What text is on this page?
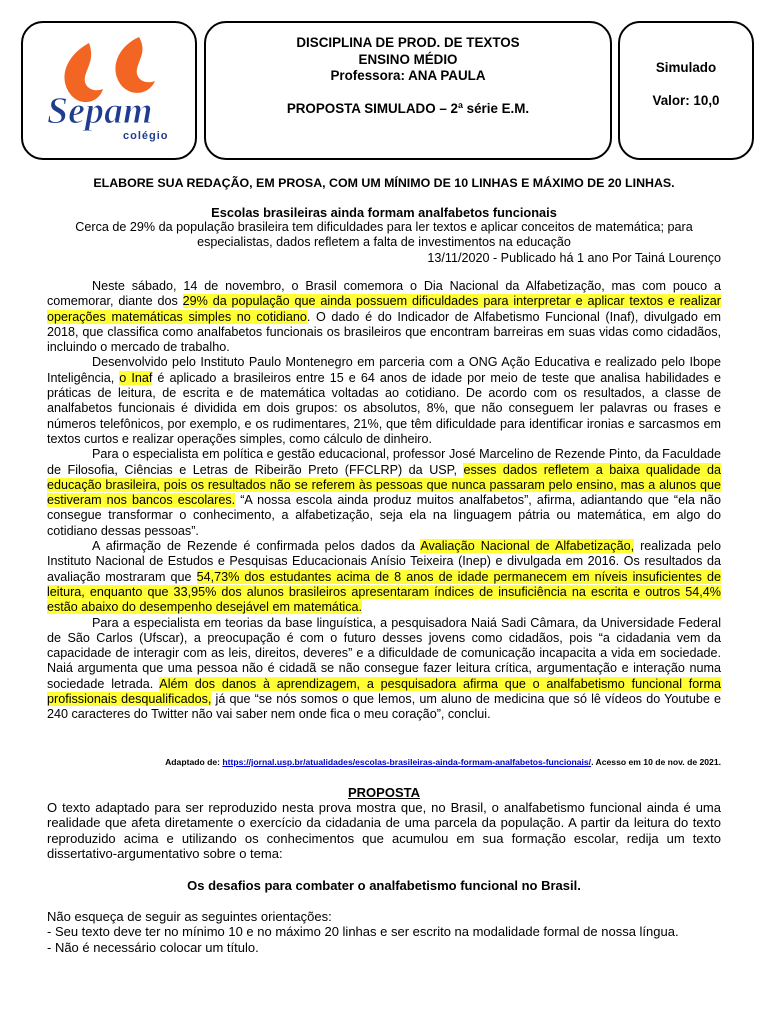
Sepam
colégio
DISCIPLINA DE PROD. DE TEXTOS
ENSINO MÉDIO
Professora: ANA PAULA
PROPOSTA SIMULADO – 2ª série E.M.
Simulado
Valor: 10,0
ELABORE SUA REDAÇÃO, EM PROSA, COM UM MÍNIMO DE 10 LINHAS E MÁXIMO DE 20 LINHAS.
Escolas brasileiras ainda formam analfabetos funcionais
Cerca de 29% da população brasileira tem dificuldades para ler textos e aplicar conceitos de matemática; para especialistas, dados refletem a falta de investimentos na educação
13/11/2020 - Publicado há 1 ano Por Tainá Lourenço

Neste sábado, 14 de novembro, o Brasil comemora o Dia Nacional da Alfabetização, mas com pouco a comemorar, diante dos 29% da população que ainda possuem dificuldades para interpretar e aplicar textos e realizar operações matemáticas simples no cotidiano. O dado é do Indicador de Alfabetismo Funcional (Inaf), divulgado em 2018, que classifica como analfabetos funcionais os brasileiros que encontram barreiras em suas vidas como cidadãos, incluindo o mercado de trabalho.

Desenvolvido pelo Instituto Paulo Montenegro em parceria com a ONG Ação Educativa e realizado pelo Ibope Inteligência, o Inaf é aplicado a brasileiros entre 15 e 64 anos de idade por meio de teste que analisa habilidades e práticas de leitura, de escrita e de matemática voltadas ao cotidiano. De acordo com os resultados, a classe de analfabetos funcionais é dividida em dois grupos: os absolutos, 8%, que não conseguem ler palavras ou frases e números telefônicos, por exemplo, e os rudimentares, 21%, que têm dificuldade para identificar ironias e sarcasmos em textos curtos e realizar operações simples, como cálculo de dinheiro.

Para o especialista em política e gestão educacional, professor José Marcelino de Rezende Pinto, da Faculdade de Filosofia, Ciências e Letras de Ribeirão Preto (FFCLRP) da USP, esses dados refletem a baixa qualidade da educação brasileira, pois os resultados não se referem às pessoas que nunca passaram pelo ensino, mas a alunos que estiveram nos bancos escolares. “A nossa escola ainda produz muitos analfabetos”, afirma, adiantando que “ela não consegue transformar o conhecimento, a alfabetização, seja ela na linguagem pátria ou matemática, em algo do cotidiano dessas pessoas”.

A afirmação de Rezende é confirmada pelos dados da Avaliação Nacional de Alfabetização, realizada pelo Instituto Nacional de Estudos e Pesquisas Educacionais Anísio Teixeira (Inep) e divulgada em 2016. Os resultados da avaliação mostraram que 54,73% dos estudantes acima de 8 anos de idade permanecem em níveis insuficientes de leitura, enquanto que 33,95% dos alunos brasileiros apresentaram índices de insuficiência na escrita e outros 54,4% estão abaixo do desempenho desejável em matemática.

Para a especialista em teorias da base linguística, a pesquisadora Naiá Sadi Câmara, da Universidade Federal de São Carlos (Ufscar), a preocupação é com o futuro desses jovens como cidadãos, pois “a cidadania vem da capacidade de interagir com as leis, direitos, deveres” e a dificuldade de comunicação incapacita a vida em sociedade. Naiá argumenta que uma pessoa não é cidadã se não consegue fazer leitura crítica, argumentação e interação numa sociedade letrada. Além dos danos à aprendizagem, a pesquisadora afirma que o analfabetismo funcional forma profissionais desqualificados, já que “se nós somos o que lemos, um aluno de medicina que só lê vídeos do Youtube e 240 caracteres do Twitter não vai saber nem onde fica o meu coração”, conclui.

Adaptado de: https://jornal.usp.br/atualidades/escolas-brasileiras-ainda-formam-analfabetos-funcionais/. Acesso em 10 de nov. de 2021.
PROPOSTA
O texto adaptado para ser reproduzido nesta prova mostra que, no Brasil, o analfabetismo funcional ainda é uma realidade que afeta diretamente o exercício da cidadania de uma parcela da população. A partir da leitura do texto reproduzido acima e utilizando os conhecimentos que acumulou em sua formação escolar, redija um texto dissertativo-argumentativo sobre o tema:
Os desafios para combater o analfabetismo funcional no Brasil.
Não esqueça de seguir as seguintes orientações:
- Seu texto deve ter no mínimo 10 e no máximo 20 linhas e ser escrito na modalidade formal de nossa língua.
- Não é necessário colocar um título.
